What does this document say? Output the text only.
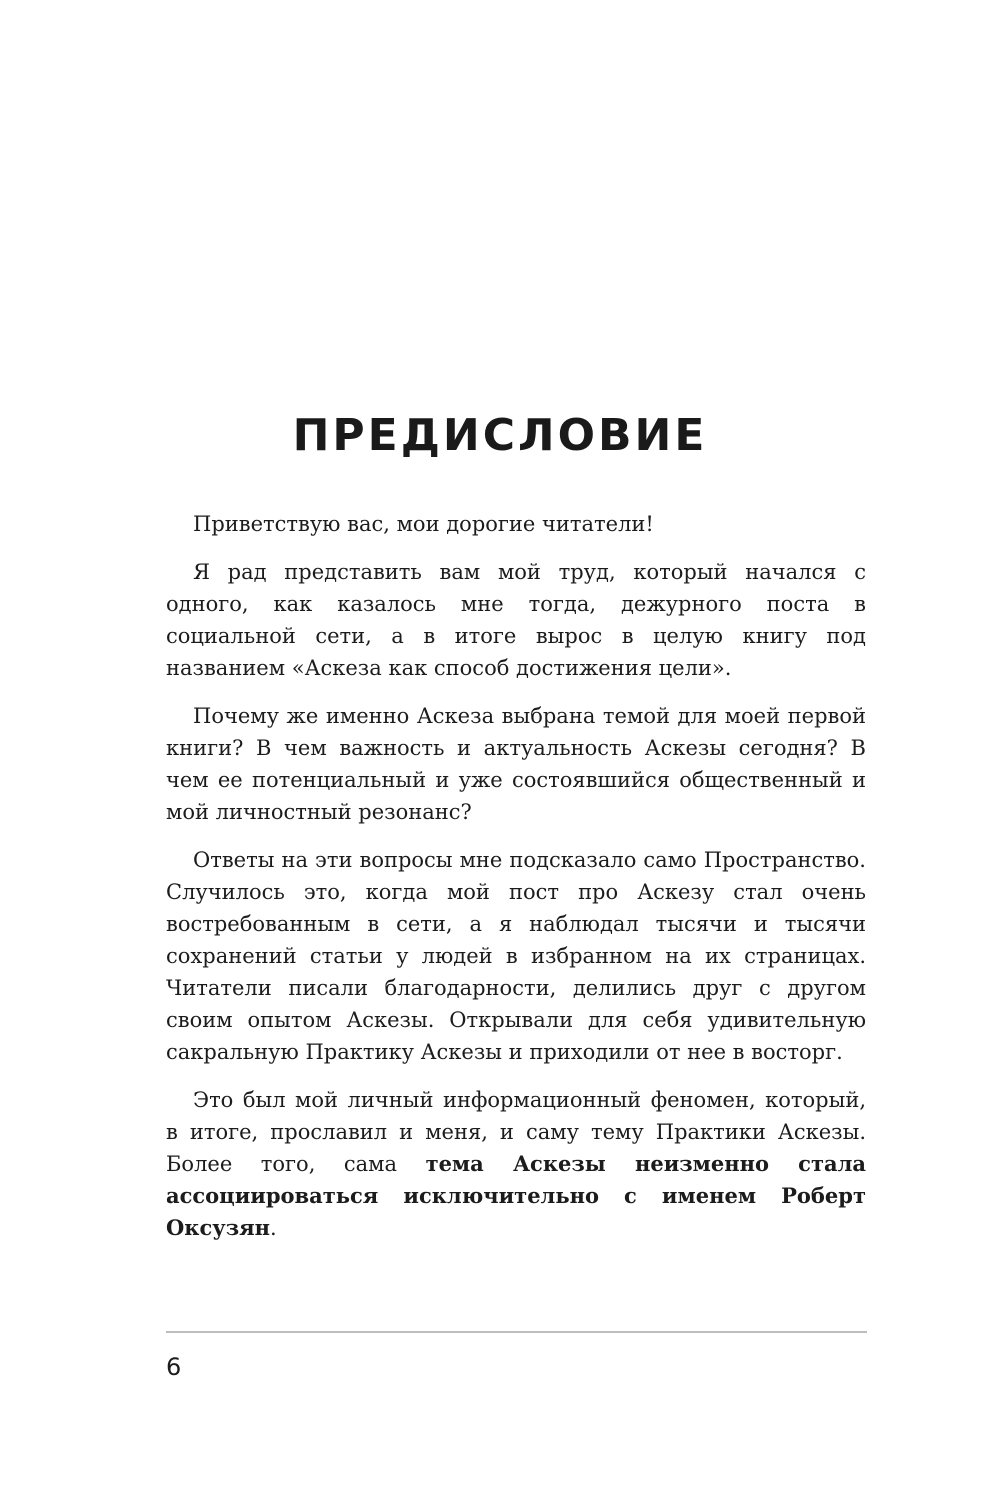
ПРЕДИСЛОВИЕ

Приветствую вас, мои дорогие читатели!

Я рад представить вам мой труд, который начался с одного, как казалось мне тогда, дежурного поста в социальной сети, а в итоге вырос в целую книгу под названием «Аскеза как способ достижения цели».

Почему же именно Аскеза выбрана темой для моей первой книги? В чем важность и актуальность Аскезы сегодня? В чем ее потенциальный и уже состоявшийся общественный и мой личностный резонанс?

Ответы на эти вопросы мне подсказало само Пространство. Случилось это, когда мой пост про Аскезу стал очень востребованным в сети, а я наблюдал тысячи и тысячи сохранений статьи у людей в избранном на их страницах. Читатели писали благодарности, делились друг с другом своим опытом Аскезы. Открывали для себя удивительную сакральную Практику Аскезы и приходили от нее в восторг.

Это был мой личный информационный феномен, который, в итоге, прославил и меня, и саму тему Практики Аскезы. Более того, сама тема Аскезы неизменно стала ассоциироваться исключительно с именем Роберт Оксузян.

6
